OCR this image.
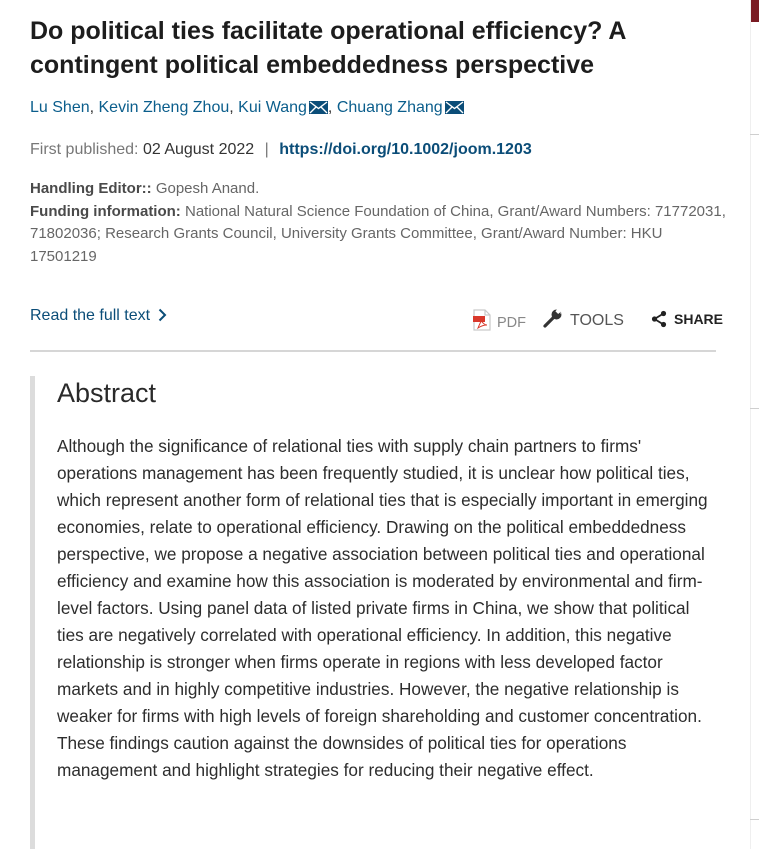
Do political ties facilitate operational efficiency? A contingent political embeddedness perspective
Lu Shen, Kevin Zheng Zhou, Kui Wang , Chuang Zhang
First published: 02 August 2022 | https://doi.org/10.1002/joom.1203
Handling Editor:: Gopesh Anand.
Funding information: National Natural Science Foundation of China, Grant/Award Numbers: 71772031, 71802036; Research Grants Council, University Grants Committee, Grant/Award Number: HKU 17501219
Read the full text	PDF	TOOLS	SHARE
Abstract

Although the significance of relational ties with supply chain partners to firms' operations management has been frequently studied, it is unclear how political ties, which represent another form of relational ties that is especially important in emerging economies, relate to operational efficiency. Drawing on the political embeddedness perspective, we propose a negative association between political ties and operational efficiency and examine how this association is moderated by environmental and firm-level factors. Using panel data of listed private firms in China, we show that political ties are negatively correlated with operational efficiency. In addition, this negative relationship is stronger when firms operate in regions with less developed factor markets and in highly competitive industries. However, the negative relationship is weaker for firms with high levels of foreign shareholding and customer concentration. These findings caution against the downsides of political ties for operations management and highlight strategies for reducing their negative effect.
